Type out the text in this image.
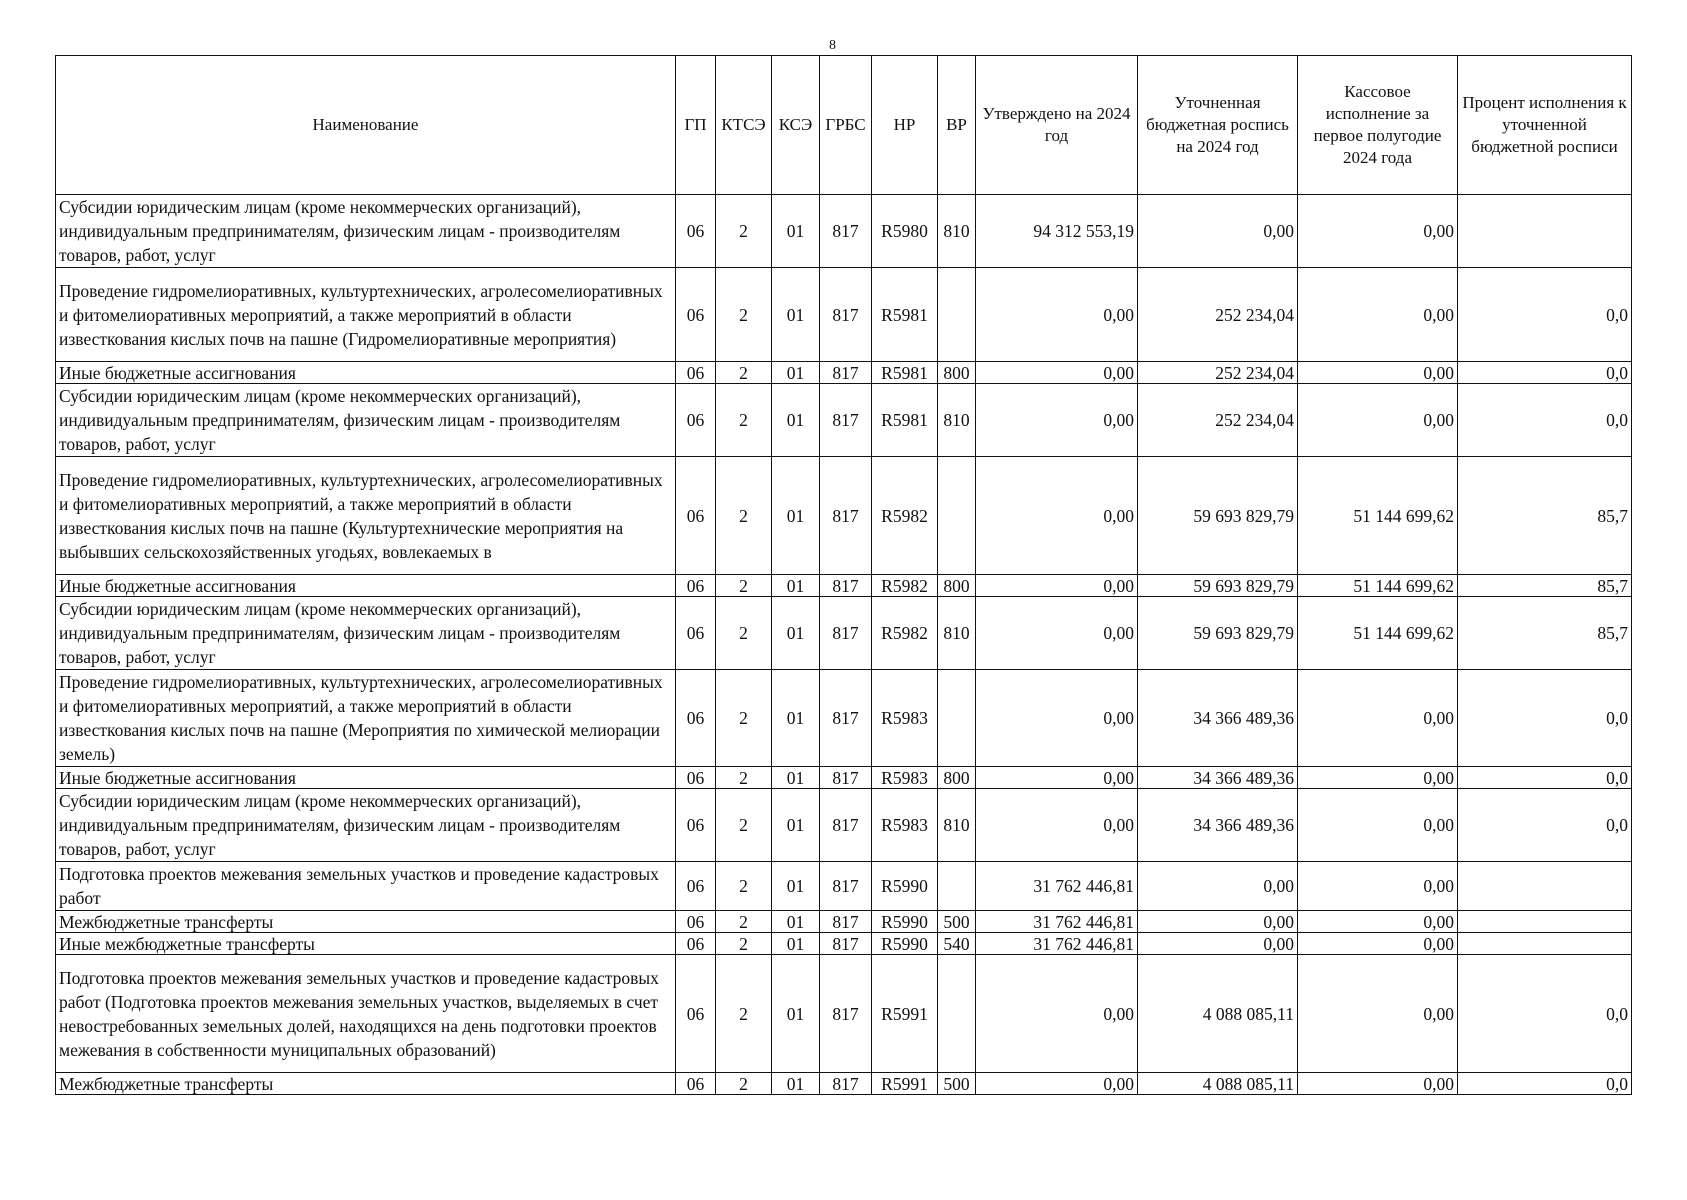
8
Наименование	ГП	КТСЭ	КСЭ	ГРБС	НР	ВР	Утверждено на 2024 год	Уточненная бюджетная роспись на 2024 год	Кассовое исполнение за первое полугодие 2024 года	Процент исполнения к уточненной бюджетной росписи
Субсидии юридическим лицам (кроме некоммерческих организаций), индивидуальным предпринимателям, физическим лицам - производителям товаров, работ, услуг	06	2	01	817	R5980	810	94 312 553,19	0,00	0,00	
Проведение гидромелиоративных, культуртехнических, агролесомелиоративных и фитомелиоративных мероприятий, а также мероприятий в области известкования кислых почв на пашне (Гидромелиоративные мероприятия)	06	2	01	817	R5981		0,00	252 234,04	0,00	0,0
Иные бюджетные ассигнования	06	2	01	817	R5981	800	0,00	252 234,04	0,00	0,0
Субсидии юридическим лицам (кроме некоммерческих организаций), индивидуальным предпринимателям, физическим лицам - производителям товаров, работ, услуг	06	2	01	817	R5981	810	0,00	252 234,04	0,00	0,0
Проведение гидромелиоративных, культуртехнических, агролесомелиоративных и фитомелиоративных мероприятий, а также мероприятий в области известкования кислых почв на пашне (Культуртехнические мероприятия на выбывших сельскохозяйственных угодьях, вовлекаемых в	06	2	01	817	R5982		0,00	59 693 829,79	51 144 699,62	85,7
Иные бюджетные ассигнования	06	2	01	817	R5982	800	0,00	59 693 829,79	51 144 699,62	85,7
Субсидии юридическим лицам (кроме некоммерческих организаций), индивидуальным предпринимателям, физическим лицам - производителям товаров, работ, услуг	06	2	01	817	R5982	810	0,00	59 693 829,79	51 144 699,62	85,7
Проведение гидромелиоративных, культуртехнических, агролесомелиоративных и фитомелиоративных мероприятий, а также мероприятий в области известкования кислых почв на пашне (Мероприятия по химической мелиорации земель)	06	2	01	817	R5983		0,00	34 366 489,36	0,00	0,0
Иные бюджетные ассигнования	06	2	01	817	R5983	800	0,00	34 366 489,36	0,00	0,0
Субсидии юридическим лицам (кроме некоммерческих организаций), индивидуальным предпринимателям, физическим лицам - производителям товаров, работ, услуг	06	2	01	817	R5983	810	0,00	34 366 489,36	0,00	0,0
Подготовка проектов межевания земельных участков и проведение кадастровых работ	06	2	01	817	R5990		31 762 446,81	0,00	0,00	
Межбюджетные трансферты	06	2	01	817	R5990	500	31 762 446,81	0,00	0,00	
Иные межбюджетные трансферты	06	2	01	817	R5990	540	31 762 446,81	0,00	0,00	
Подготовка проектов межевания земельных участков и проведение кадастровых работ (Подготовка проектов межевания земельных участков, выделяемых в счет невостребованных земельных долей, находящихся на день подготовки проектов межевания в собственности муниципальных образований)	06	2	01	817	R5991		0,00	4 088 085,11	0,00	0,0
Межбюджетные трансферты	06	2	01	817	R5991	500	0,00	4 088 085,11	0,00	0,0
